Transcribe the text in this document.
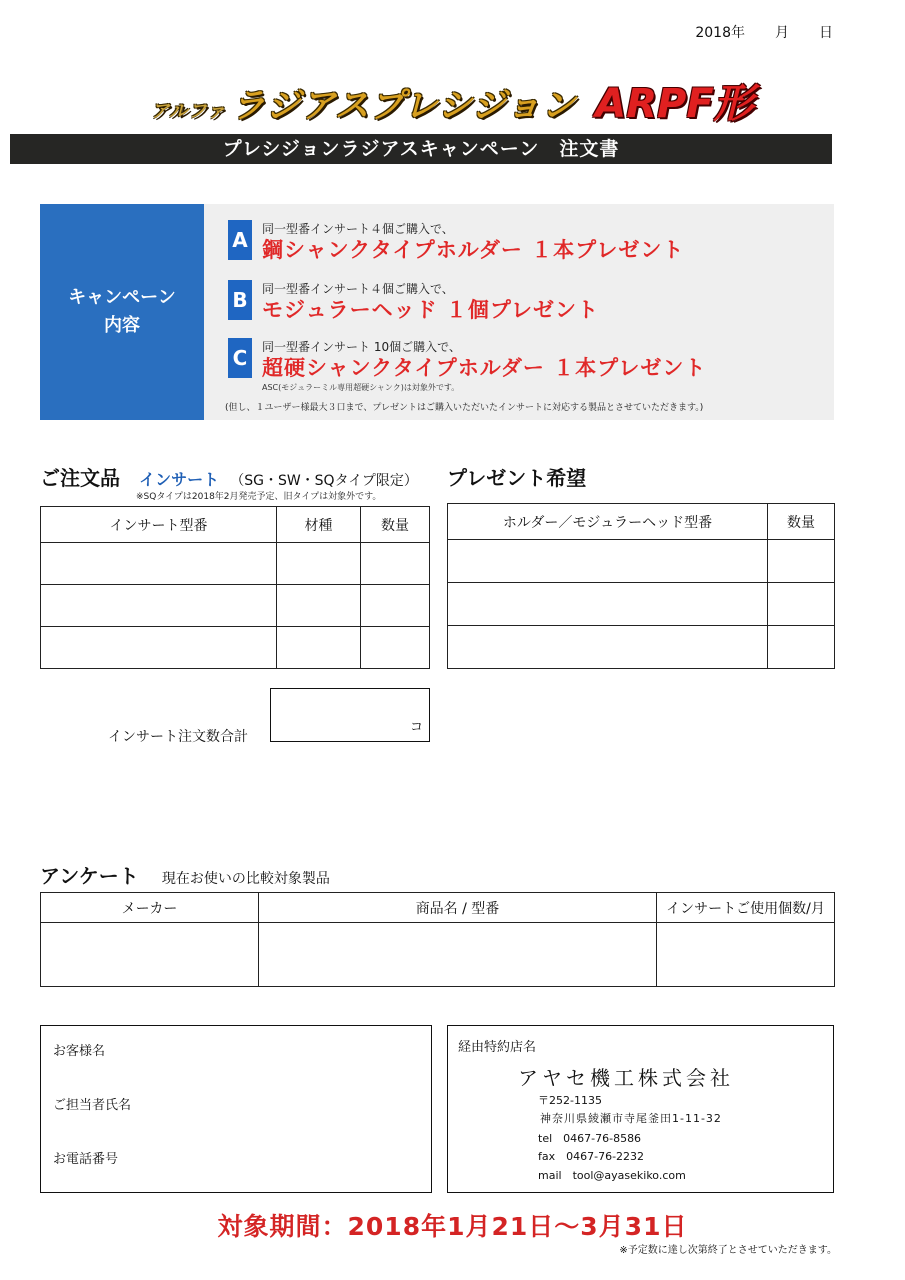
2018年 月 日
アルファ ラジアスプレシジョン ARPF形
プレシジョンラジアスキャンペーン　注文書
キャンペーン
内容
A	同一型番インサート４個ご購入で、
鋼シャンクタイプホルダー １本プレゼント
B	同一型番インサート４個ご購入で、
モジュラーヘッド １個プレゼント
C	同一型番インサート 10個ご購入で、
超硬シャンクタイプホルダー １本プレゼント
ASC(モジュラーミル専用超硬シャンク)は対象外です。
(但し、１ユーザー様最大３口まで、プレゼントはご購入いただいたインサートに対応する製品とさせていただきます。)
ご注文品 インサート （SG・SW・SQタイプ限定）
※SQタイプは2018年2月発売予定、旧タイプは対象外です。
プレゼント希望
インサート型番	材種	数量

			ホルダー／モジュラーヘッド型番	数量

インサート注文数合計
コ
アンケート 現在お使いの比較対象製品
メーカー	商品名 / 型番	インサートご使用個数/月

お客様名
ご担当者氏名
お電話番号
経由特約店名
アヤセ機工株式会社
〒252-1135
神奈川県綾瀬市寺尾釜田1-11-32
tel　0467-76-8586
fax　0467-76-2232
mail　tool@ayasekiko.com
対象期間：2018年1月21日～3月31日
※予定数に達し次第終了とさせていただきます。
